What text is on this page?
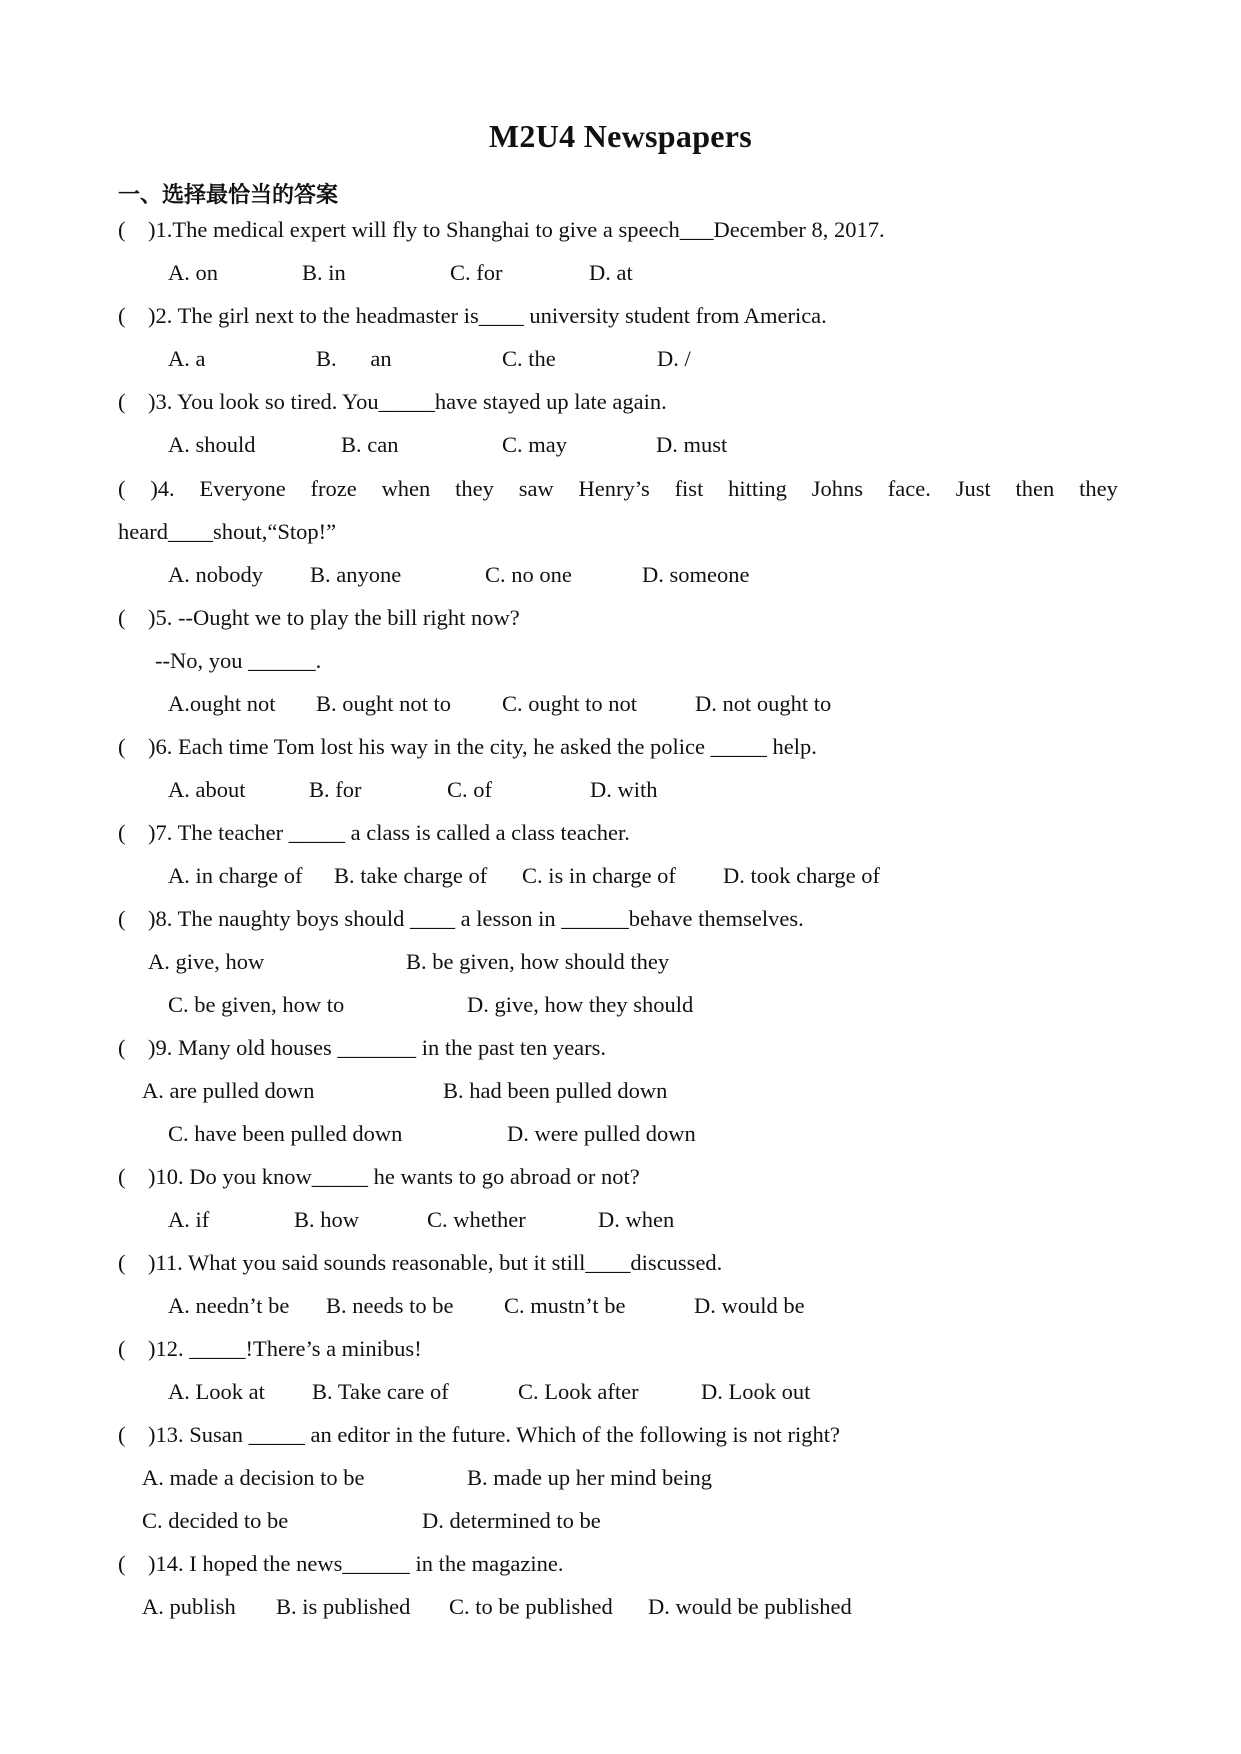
M2U4 Newspapers
一、选择最恰当的答案
(    )1.The medical expert will fly to Shanghai to give a speech___December 8, 2017.
A. on	B. in	C. for	D. at
(    )2. The girl next to the headmaster is____ university student from America.
A. a	B.      an	C. the	D. /
(    )3. You look so tired. You_____have stayed up late again.
A. should	B. can	C. may	D. must
( )4. Everyone froze when they saw Henry’s fist hitting Johns face. Just then they
heard____shout,“Stop!”
A. nobody B. anyone	C. no one	D. someone
(    )5. --Ought we to play the bill right now?
--No, you ______.
A.ought not B. ought not to C. ought to not	D. not ought to
(    )6. Each time Tom lost his way in the city, he asked the police _____ help.
A. about	B. for	C. of	D. with
(    )7. The teacher _____ a class is called a class teacher.
A. in charge of B. take charge of C. is in charge of D. took charge of
(    )8. The naughty boys should ____ a lesson in ______behave themselves.
A. give, how	B. be given, how should they
C. be given, how to	D. give, how they should
(    )9. Many old houses _______ in the past ten years.
A. are pulled down	B. had been pulled down
C. have been pulled down	D. were pulled down
(    )10. Do you know_____ he wants to go abroad or not?
A. if	B. how	C. whether	D. when
(    )11. What you said sounds reasonable, but it still____discussed.
A. needn’t be B. needs to be C. mustn’t be	D. would be
(    )12. _____!There’s a minibus!
A. Look at B. Take care of	C. Look after	D. Look out
(    )13. Susan _____ an editor in the future. Which of the following is not right?
A. made a decision to be	B. made up her mind being
C. decided to be	D. determined to be
(    )14. I hoped the news______ in the magazine.
A. publish B. is published C. to be published D. would be published
